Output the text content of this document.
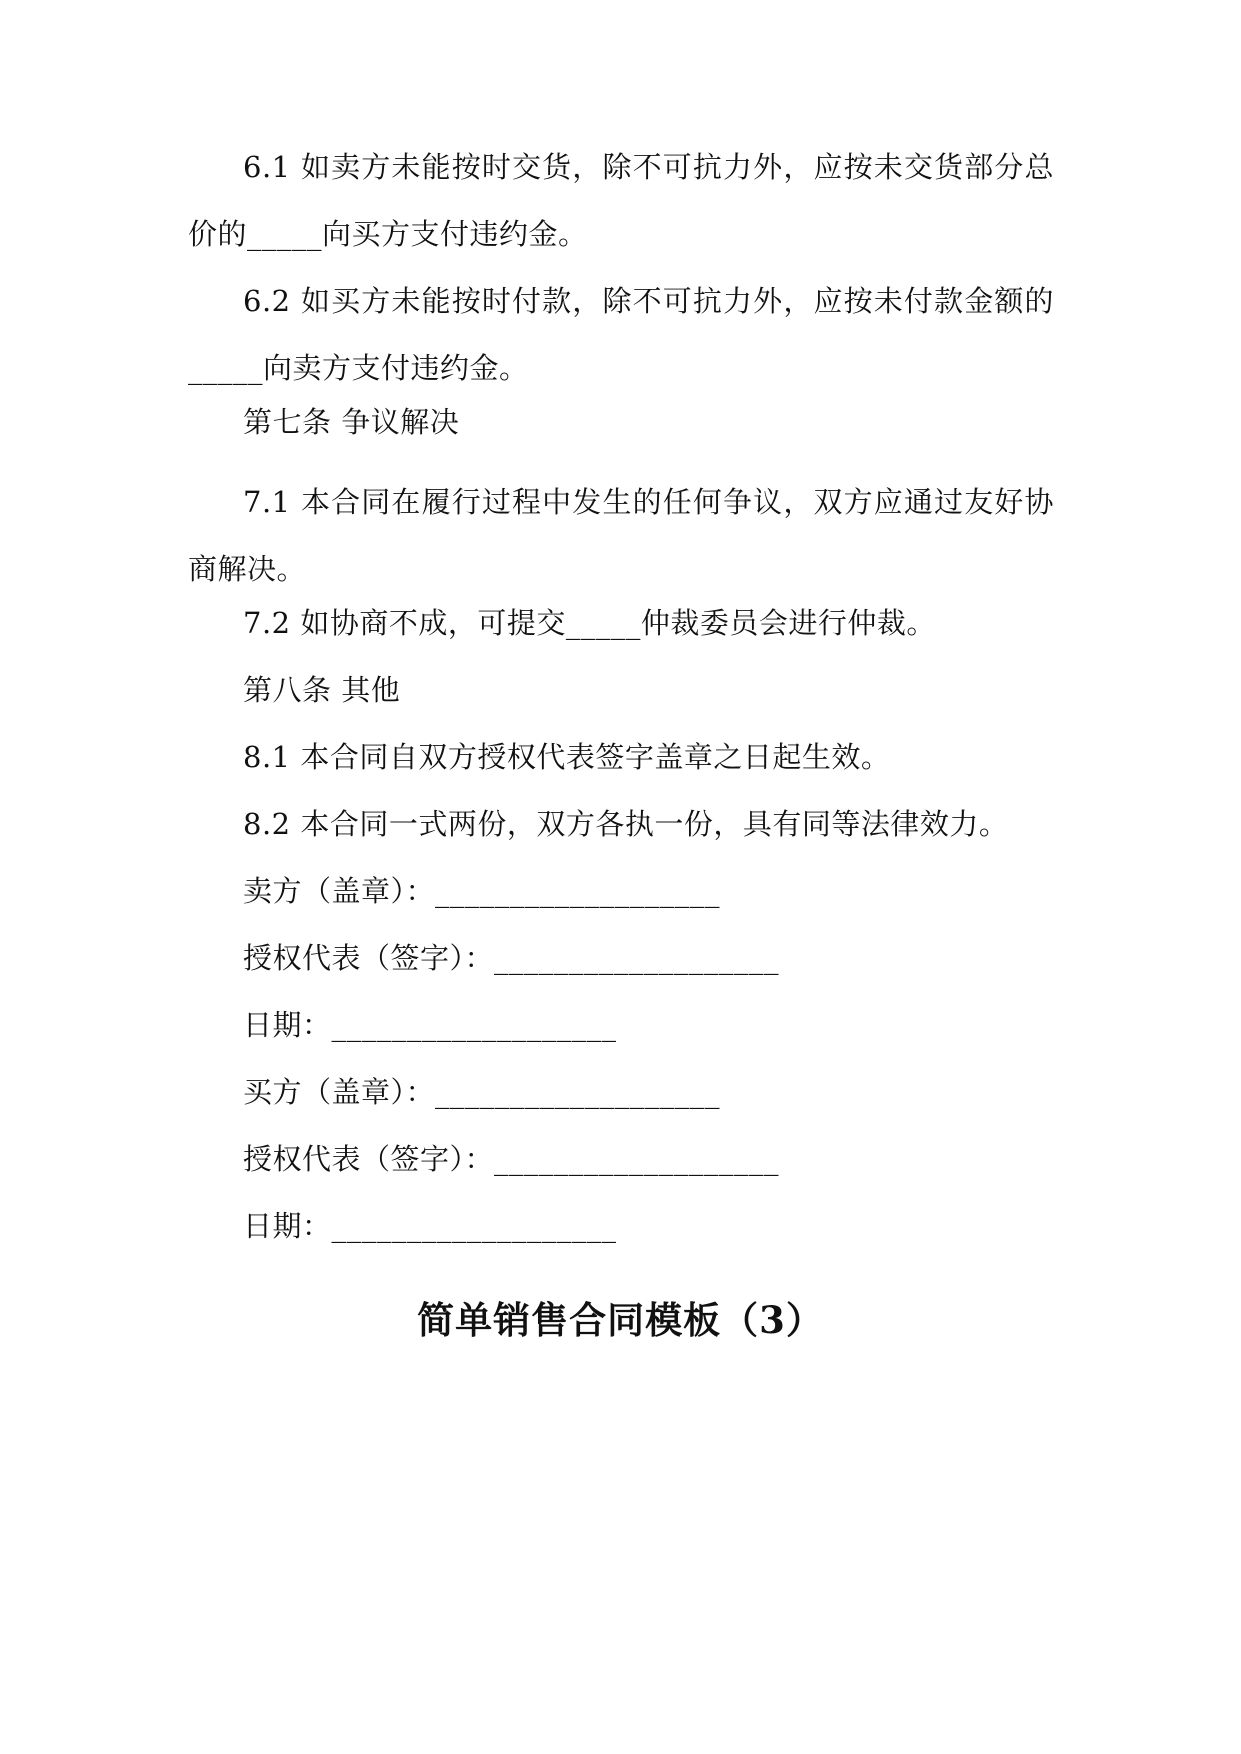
6.1 如卖方未能按时交货，除不可抗力外，应按未交货部分总价的_____向买方支付违约金。

6.2 如买方未能按时付款，除不可抗力外，应按未付款金额的_____向卖方支付违约金。

第七条 争议解决

7.1 本合同在履行过程中发生的任何争议，双方应通过友好协商解决。

7.2 如协商不成，可提交_____仲裁委员会进行仲裁。

第八条 其他

8.1 本合同自双方授权代表签字盖章之日起生效。

8.2 本合同一式两份，双方各执一份，具有同等法律效力。

卖方（盖章）：___________________

授权代表（签字）：___________________

日期：___________________

买方（盖章）：___________________

授权代表（签字）：___________________

日期：___________________

简单销售合同模板（3）
